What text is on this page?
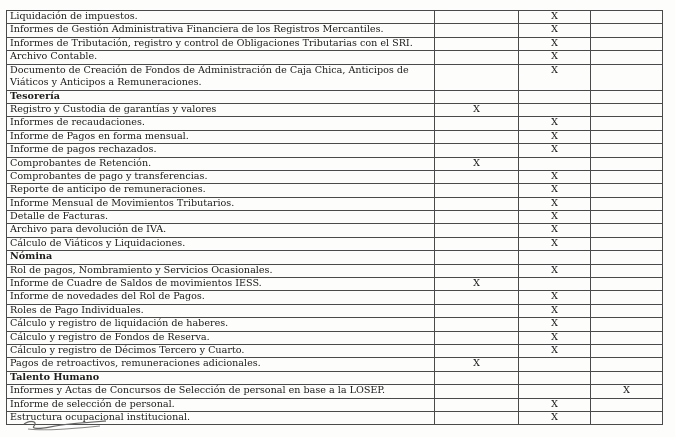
Liquidación de impuestos.		X	
Informes de Gestión Administrativa Financiera de los Registros Mercantiles.		X	
Informes de Tributación, registro y control de Obligaciones Tributarias con el SRI.		X	
Archivo Contable.		X	
Documento de Creación de Fondos de Administración de Caja Chica, Anticipos de Viáticos y Anticipos a Remuneraciones.		X	
Tesorería			
Registro y Custodia de garantías y valores	X		
Informes de recaudaciones.		X	
Informe de Pagos en forma mensual.		X	
Informe de pagos rechazados.		X	
Comprobantes de Retención.	X		
Comprobantes de pago y transferencias.		X	
Reporte de anticipo de remuneraciones.		X	
Informe Mensual de Movimientos Tributarios.		X	
Detalle de Facturas.		X	
Archivo para devolución de IVA.		X	
Cálculo de Viáticos y Liquidaciones.		X	
Nómina			
Rol de pagos, Nombramiento y Servicios Ocasionales.		X	
Informe de Cuadre de Saldos de movimientos IESS.	X		
Informe de novedades del Rol de Pagos.		X	
Roles de Pago Individuales.		X	
Cálculo y registro de liquidación de haberes.		X	
Cálculo y registro de Fondos de Reserva.		X	
Cálculo y registro de Décimos Tercero y Cuarto.		X	
Pagos de retroactivos, remuneraciones adicionales.	X		
Talento Humano			
Informes y Actas de Concursos de Selección de personal en base a la LOSEP.			X
Informe de selección de personal.		X	
Estructura ocupacional institucional.		X	
